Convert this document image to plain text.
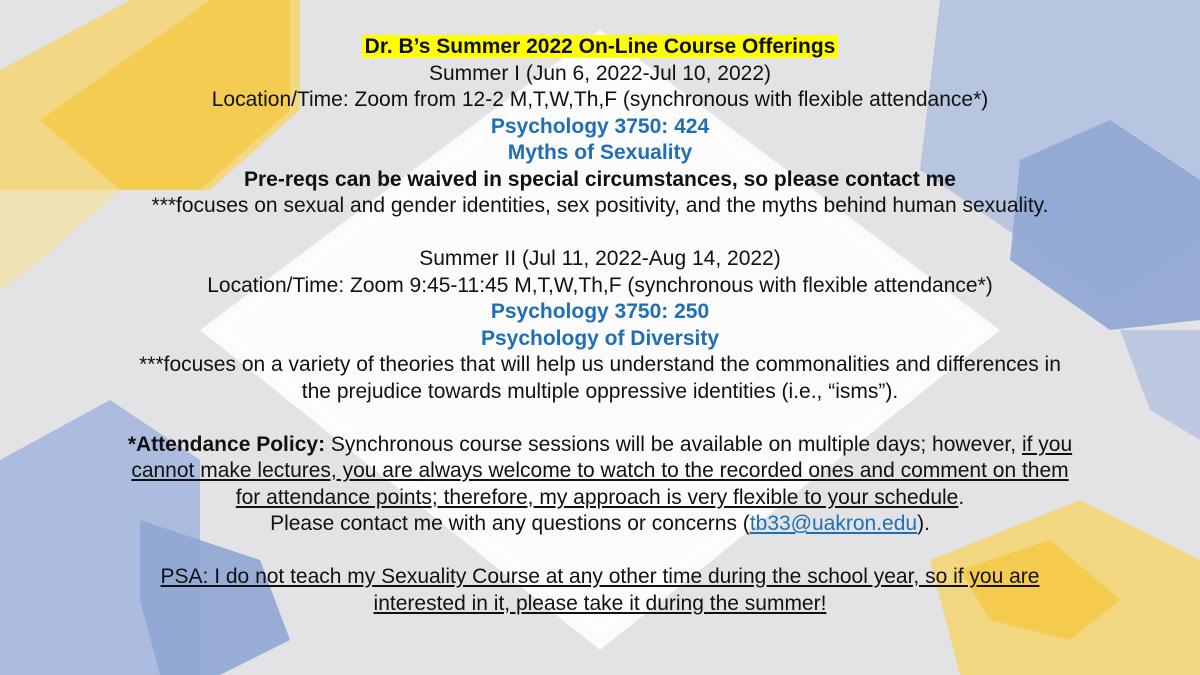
Dr. B’s Summer 2022 On-Line Course Offerings
Summer I (Jun 6, 2022-Jul 10, 2022)
Location/Time: Zoom from 12-2 M,T,W,Th,F (synchronous with flexible attendance*)
Psychology 3750: 424
Myths of Sexuality
Pre-reqs can be waived in special circumstances, so please contact me
***focuses on sexual and gender identities, sex positivity, and the myths behind human sexuality.
Summer II (Jul 11, 2022-Aug 14, 2022)
Location/Time: Zoom 9:45-11:45 M,T,W,Th,F (synchronous with flexible attendance*)
Psychology 3750: 250
Psychology of Diversity
***focuses on a variety of theories that will help us understand the commonalities and differences in
the prejudice towards multiple oppressive identities (i.e., “isms”).
*Attendance Policy: Synchronous course sessions will be available on multiple days; however, if you
cannot make lectures, you are always welcome to watch to the recorded ones and comment on them
for attendance points; therefore, my approach is very flexible to your schedule.
Please contact me with any questions or concerns (tb33@uakron.edu).
PSA: I do not teach my Sexuality Course at any other time during the school year, so if you are
interested in it, please take it during the summer!
